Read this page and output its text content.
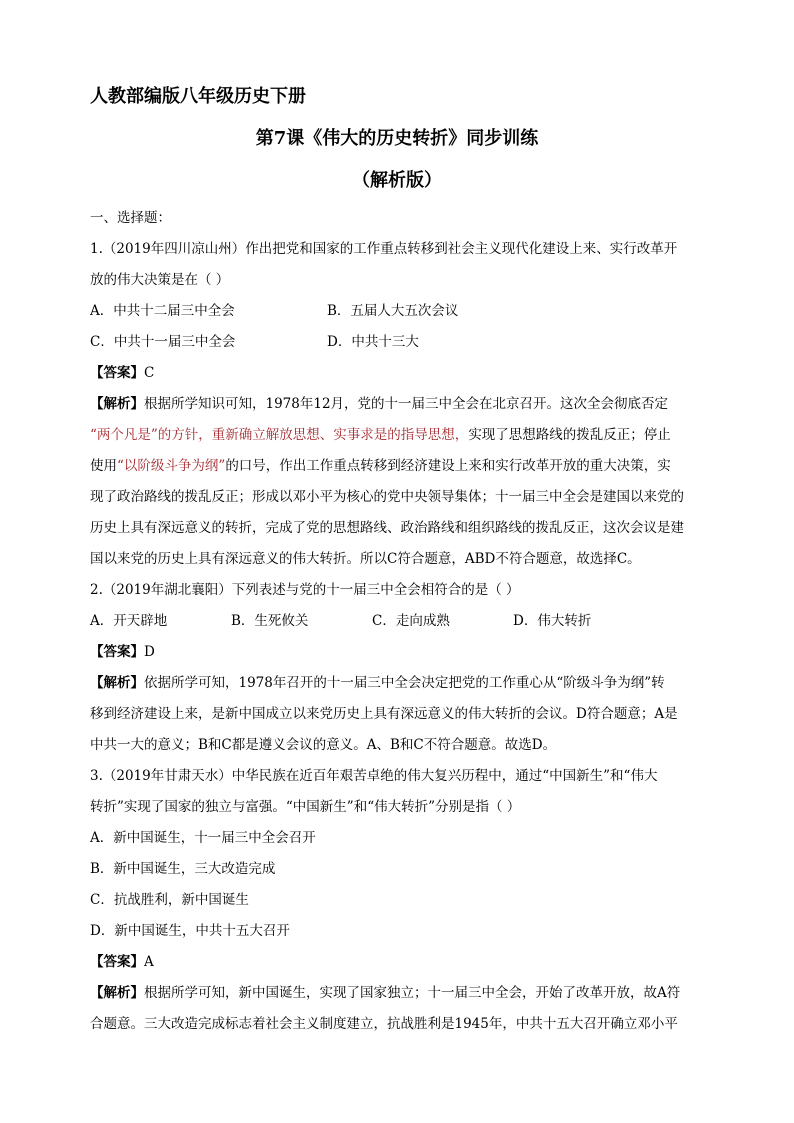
人教部编版八年级历史下册
第7课《伟大的历史转折》同步训练
（解析版）
一、选择题：
1.（2019年四川凉山州）作出把党和国家的工作重点转移到社会主义现代化建设上来、实行改革开
放的伟大决策是在（ ）
A．中共十二届三中全会	B．五届人大五次会议
C．中共十一届三中全会	D．中共十三大
【答案】C
【解析】根据所学知识可知，1978年12月，党的十一届三中全会在北京召开。这次全会彻底否定
“两个凡是”的方针，重新确立解放思想、实事求是的指导思想，实现了思想路线的拨乱反正；停止
使用“以阶级斗争为纲”的口号，作出工作重点转移到经济建设上来和实行改革开放的重大决策，实
现了政治路线的拨乱反正；形成以邓小平为核心的党中央领导集体；十一届三中全会是建国以来党的
历史上具有深远意义的转折，完成了党的思想路线、政治路线和组织路线的拨乱反正，这次会议是建
国以来党的历史上具有深远意义的伟大转折。所以C符合题意，ABD不符合题意，故选择C。
2.（2019年湖北襄阳）下列表述与党的十一届三中全会相符合的是（ ）
A．开天辟地	B．生死攸关	C．走向成熟	D．伟大转折
【答案】D
【解析】依据所学可知，1978年召开的十一届三中全会决定把党的工作重心从“阶级斗争为纲”转
移到经济建设上来，是新中国成立以来党历史上具有深远意义的伟大转折的会议。D符合题意；A是
中共一大的意义；B和C都是遵义会议的意义。A、B和C不符合题意。故选D。
3.（2019年甘肃天水）中华民族在近百年艰苦卓绝的伟大复兴历程中，通过“中国新生”和“伟大
转折”实现了国家的独立与富强。“中国新生”和“伟大转折”分别是指（ ）
A．新中国诞生，十一届三中全会召开
B．新中国诞生，三大改造完成
C．抗战胜利，新中国诞生
D．新中国诞生，中共十五大召开
【答案】A
【解析】根据所学可知，新中国诞生，实现了国家独立；十一届三中全会，开始了改革开放，故A符
合题意。三大改造完成标志着社会主义制度建立，抗战胜利是1945年，中共十五大召开确立邓小平
